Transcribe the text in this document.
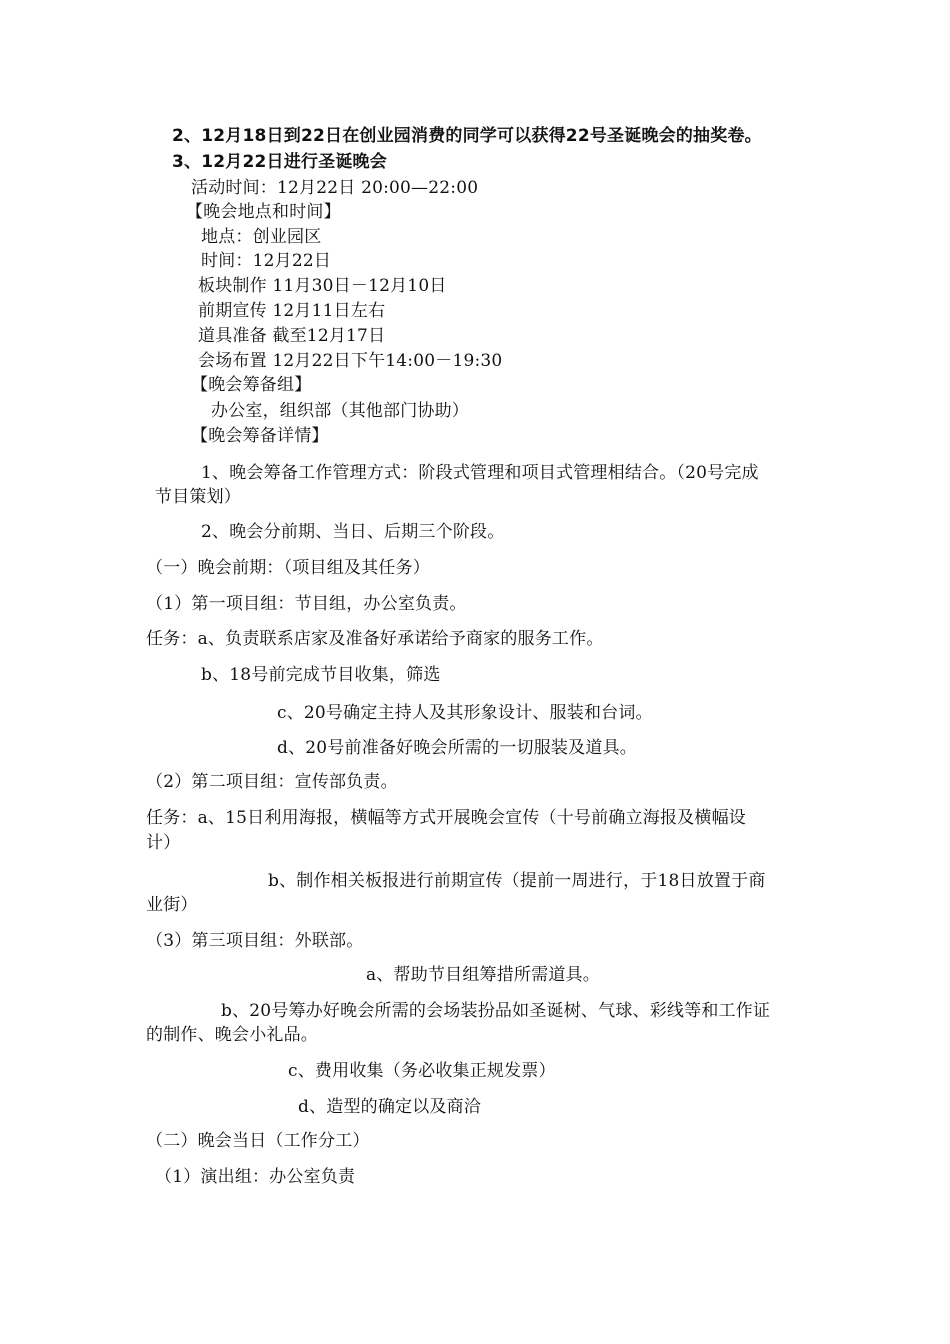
2、12月18日到22日在创业园消费的同学可以获得22号圣诞晚会的抽奖卷。
3、12月22日进行圣诞晚会
活动时间：12月22日 20:00—22:00
【晚会地点和时间】
地点：创业园区
时间：12月22日
板块制作 11月30日－12月10日
前期宣传 12月11日左右
道具准备 截至12月17日
会场布置 12月22日下午14:00－19:30
【晚会筹备组】
办公室，组织部（其他部门协助）
【晚会筹备详情】
1、晚会筹备工作管理方式：阶段式管理和项目式管理相结合。（20号完成
节目策划）
2、晚会分前期、当日、后期三个阶段。
（一）晚会前期：（项目组及其任务）
（1）第一项目组：节目组，办公室负责。
任务：a、负责联系店家及准备好承诺给予商家的服务工作。
b、18号前完成节目收集，筛选
c、20号确定主持人及其形象设计、服装和台词。
d、20号前准备好晚会所需的一切服装及道具。
（2）第二项目组：宣传部负责。
任务：a、15日利用海报，横幅等方式开展晚会宣传（十号前确立海报及横幅设
计）
b、制作相关板报进行前期宣传（提前一周进行，于18日放置于商
业街）
（3）第三项目组：外联部。
a、帮助节目组筹措所需道具。
b、20号筹办好晚会所需的会场装扮品如圣诞树、气球、彩线等和工作证
的制作、晚会小礼品。
c、费用收集（务必收集正规发票）
d、造型的确定以及商洽
（二）晚会当日（工作分工）
（1）演出组：办公室负责
